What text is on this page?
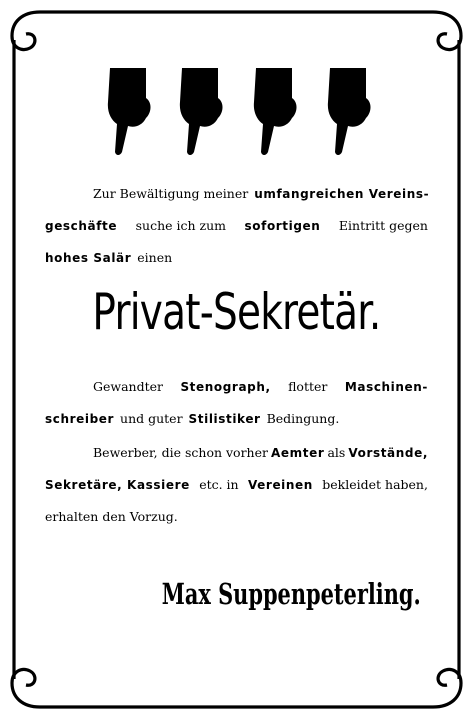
Zur Bewältigung meiner umfangreichen Vereins-
geschäfte suche ich zum sofortigen Eintritt gegen
hohes Salär einen
Privat-Sekretär.
Gewandter Stenograph, flotter Maschinen-
schreiber und guter Stilistiker Bedingung.
Bewerber, die schon vorher Aemter als Vorstände,
Sekretäre, Kassiere etc. in Vereinen bekleidet haben,
erhalten den Vorzug.
Max Suppenpeterling.
